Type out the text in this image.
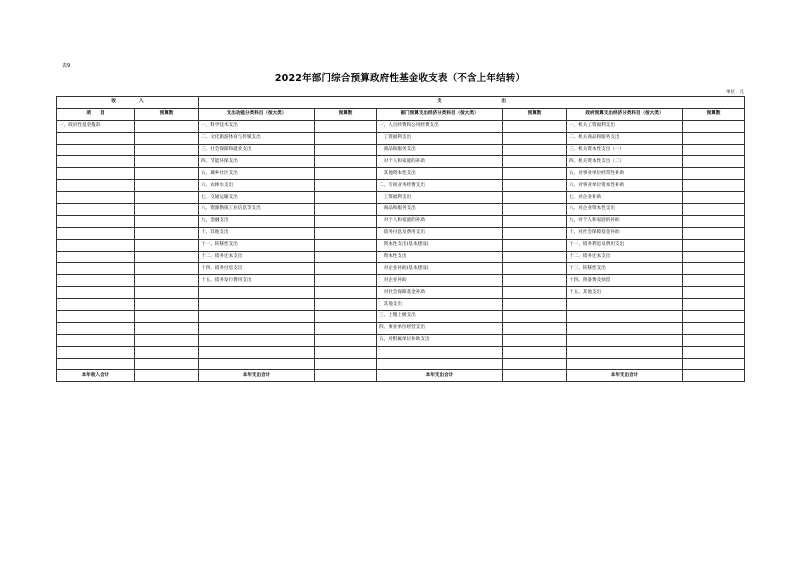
表9
2022年部门综合预算政府性基金收支表（不含上年结转）
单位：元
收　　　　　入		支　　　　　　　　　　　　　出					
项　　目	预算数	支出功能分类科目（按大类）	预算数	部门预算支出经济分类科目（按大类）	预算数	政府预算支出经济分类科目（按大类）	预算数
一、政府性基金拨款		一、科学技术支出		一、人员经费和公用经费支出		一、机关工资福利支出	
		二、文化旅游体育与传媒支出		　工资福利支出		二、机关商品和服务支出	
		三、社会保障和就业支出		　商品和服务支出		三、机关资本性支出（一）	
		四、节能环保支出		　对个人和家庭的补助		四、机关资本性支出（二）	
		五、城乡社区支出		　其他资本性支出		五、对事业单位经常性补助	
		六、农林水支出		二、专项业务经费支出		六、对事业单位资本性补助	
		七、交通运输支出		　工资福利支出		七、对企业补助	
		八、资源勘探工业信息等支出		　商品和服务支出		八、对企业资本性支出	
		九、金融支出		　对个人和家庭的补助		九、对个人和家庭的补助	
		十、其他支出		　债务付息及费用支出		十、对社会保障基金补助	
		十一、转移性支出		　资本性支出(基本建设)		十一、债务利息及费用支出	
		十二、债务还本支出		　资本性支出		十二、债务还本支出	
		十四、债务付息支出		　对企业补助(基本建设)		十三、转移性支出	
		十五、债务发行费用支出		　对企业补助		十四、预备费及预留	
				　对社会保障基金补助		十五、其他支出	
				　其他支出			
				三、上缴上级支出			
				四、事业单位经营支出			
				五、对附属单位补助支出			

本年收入合计		本年支出合计		本年支出合计		本年支出合计	
